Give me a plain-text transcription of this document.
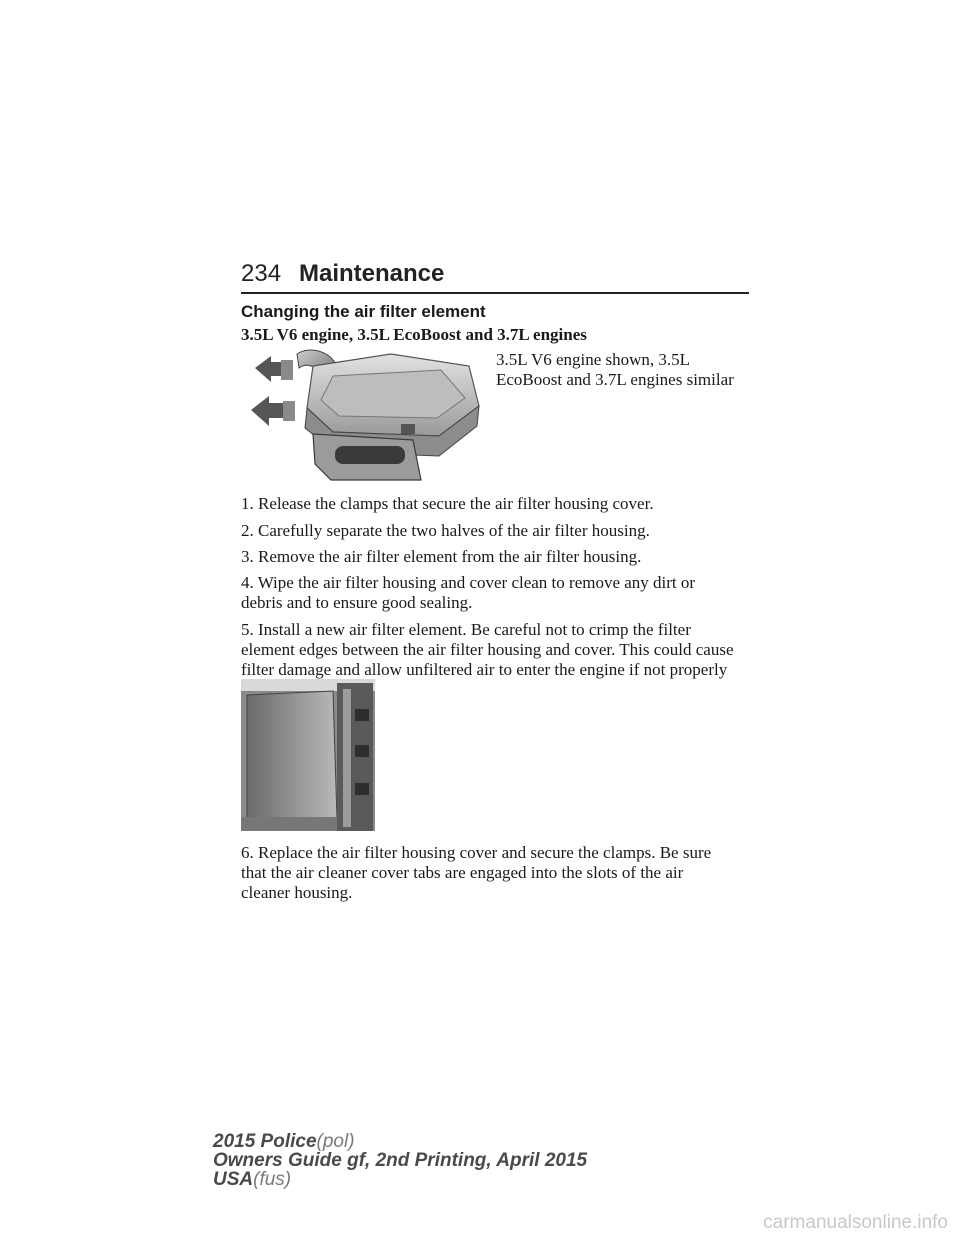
234 Maintenance
Changing the air filter element
3.5L V6 engine, 3.5L EcoBoost and 3.7L engines
3.5L V6 engine shown, 3.5L
EcoBoost and 3.7L engines similar
1. Release the clamps that secure the air filter housing cover.
2. Carefully separate the two halves of the air filter housing.
3. Remove the air filter element from the air filter housing.
4. Wipe the air filter housing and cover clean to remove any dirt or
debris and to ensure good sealing.
5. Install a new air filter element. Be careful not to crimp the filter
element edges between the air filter housing and cover. This could cause
filter damage and allow unfiltered air to enter the engine if not properly
6. Replace the air filter housing cover and secure the clamps. Be sure
that the air cleaner cover tabs are engaged into the slots of the air
cleaner housing.
2015 Police(pol)
Owners Guide gf, 2nd Printing, April 2015
USA(fus)
carmanualsonline.info
